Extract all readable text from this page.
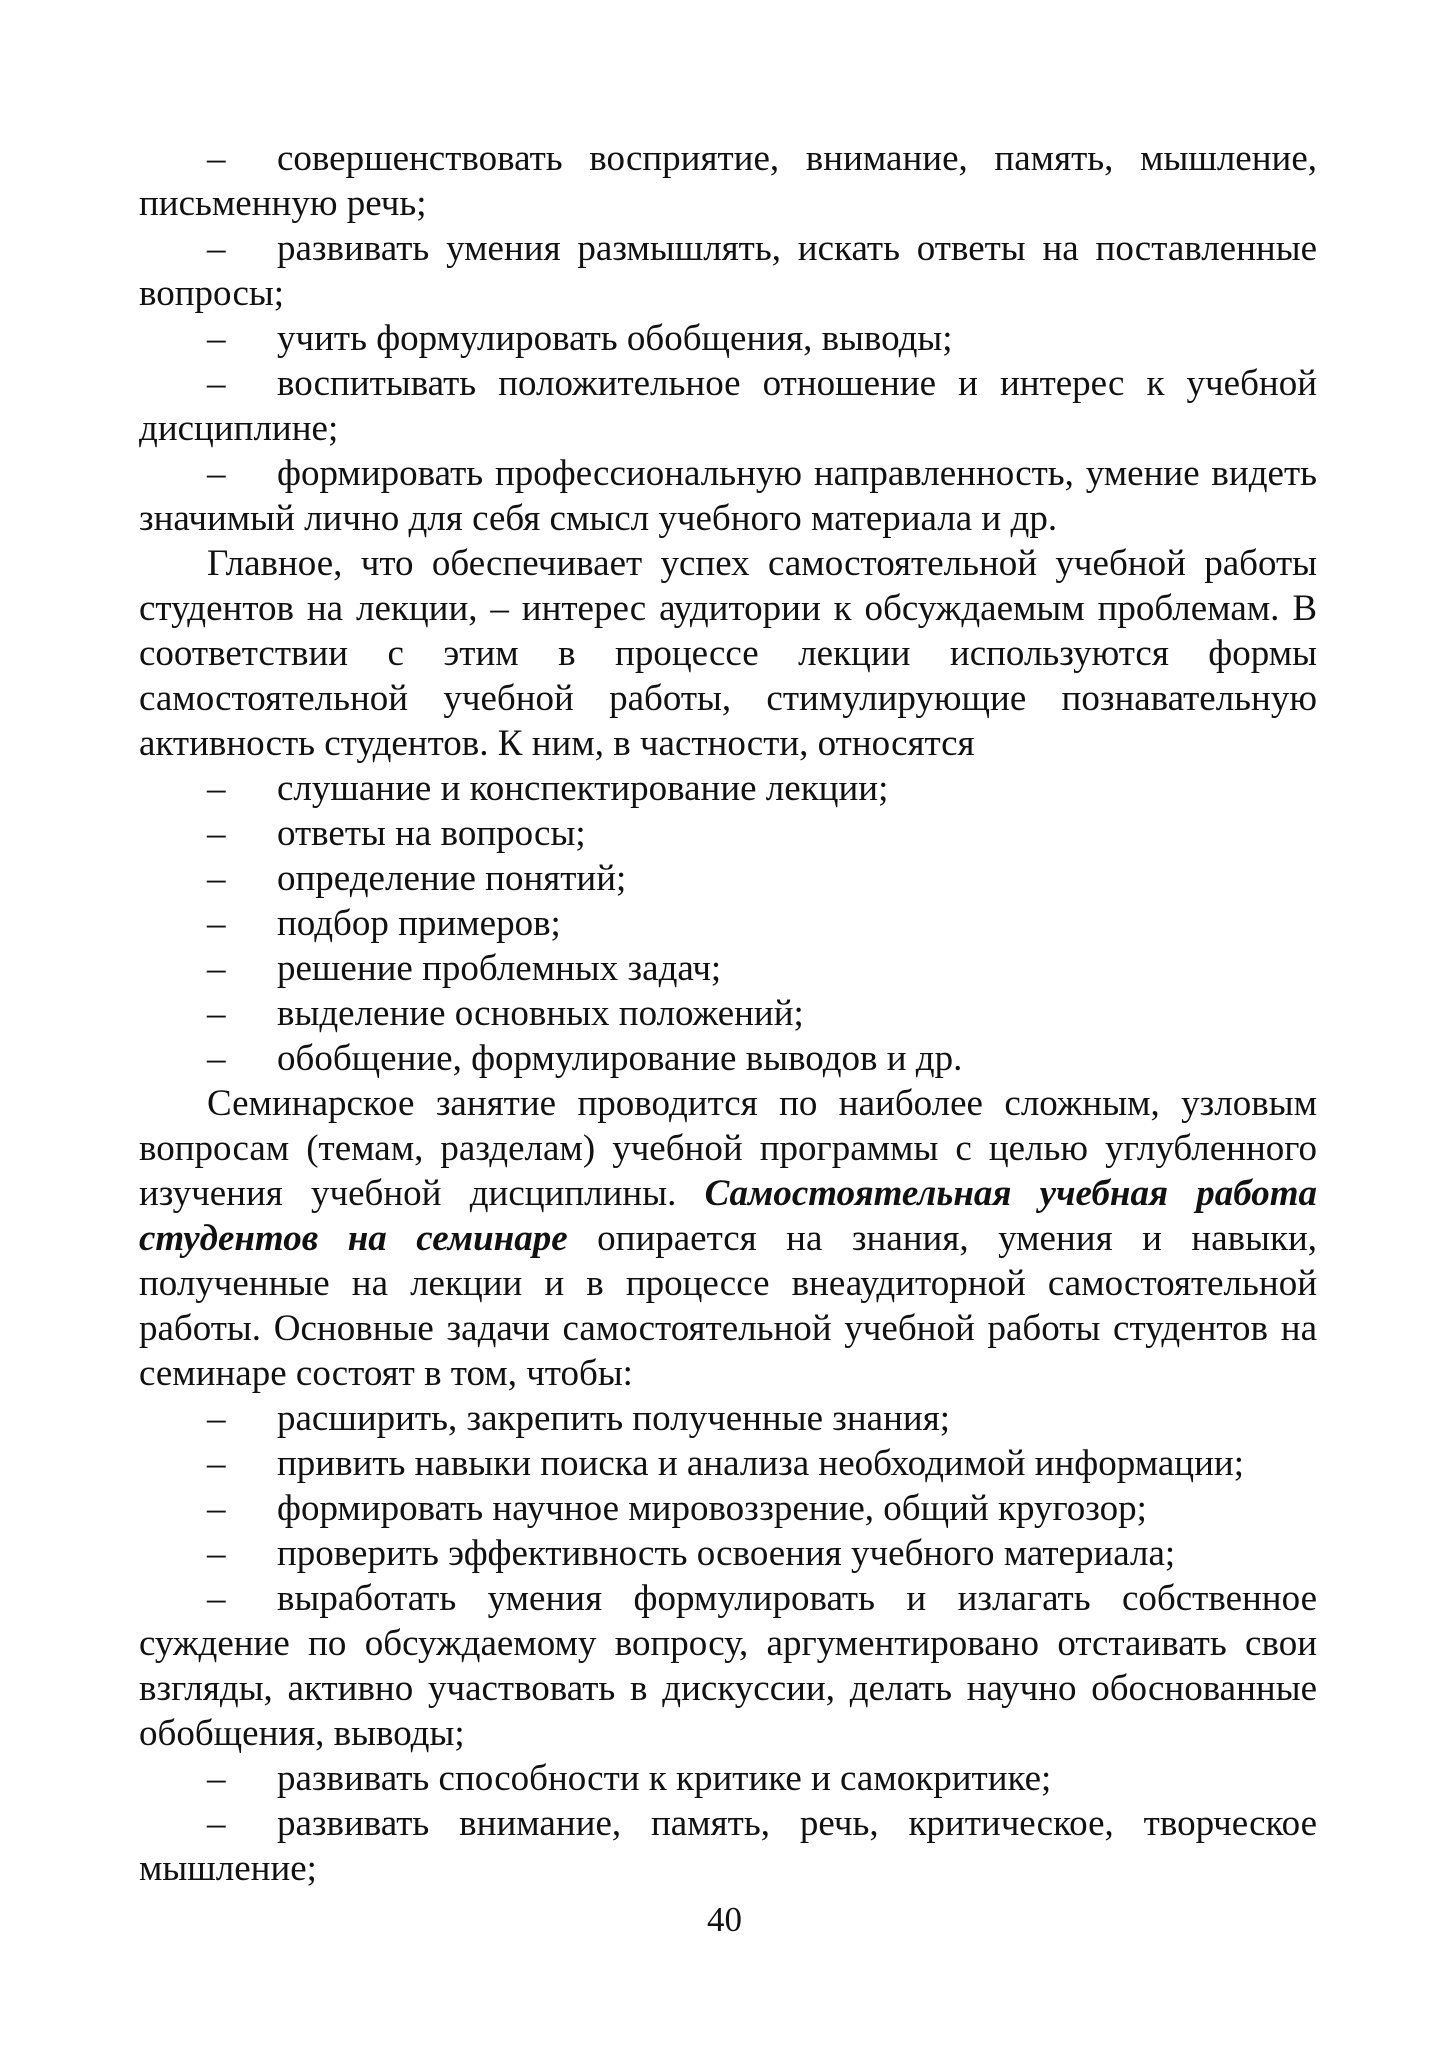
– совершенствовать восприятие, внимание, память, мышление, письменную речь;

– развивать умения размышлять, искать ответы на поставленные вопросы;

– учить формулировать обобщения, выводы;

– воспитывать положительное отношение и интерес к учебной дисциплине;

– формировать профессиональную направленность, умение видеть значимый лично для себя смысл учебного материала и др.

Главное, что обеспечивает успех самостоятельной учебной работы студентов на лекции, – интерес аудитории к обсуждаемым проблемам. В соответствии с этим в процессе лекции используются формы самостоятельной учебной работы, стимулирующие познавательную активность студентов. К ним, в частности, относятся

– слушание и конспектирование лекции;

– ответы на вопросы;

– определение понятий;

– подбор примеров;

– решение проблемных задач;

– выделение основных положений;

– обобщение, формулирование выводов и др.

Семинарское занятие проводится по наиболее сложным, узловым вопросам (темам, разделам) учебной программы с целью углубленного изучения учебной дисциплины. Самостоятельная учебная работа студентов на семинаре опирается на знания, умения и навыки, полученные на лекции и в процессе внеаудиторной самостоятельной работы. Основные задачи самостоятельной учебной работы студентов на семинаре состоят в том, чтобы:

– расширить, закрепить полученные знания;

– привить навыки поиска и анализа необходимой информации;

– формировать научное мировоззрение, общий кругозор;

– проверить эффективность освоения учебного материала;

– выработать умения формулировать и излагать собственное суждение по обсуждаемому вопросу, аргументировано отстаивать свои взгляды, активно участвовать в дискуссии, делать научно обоснованные обобщения, выводы;

– развивать способности к критике и самокритике;

– развивать внимание, память, речь, критическое, творческое мышление;

40
